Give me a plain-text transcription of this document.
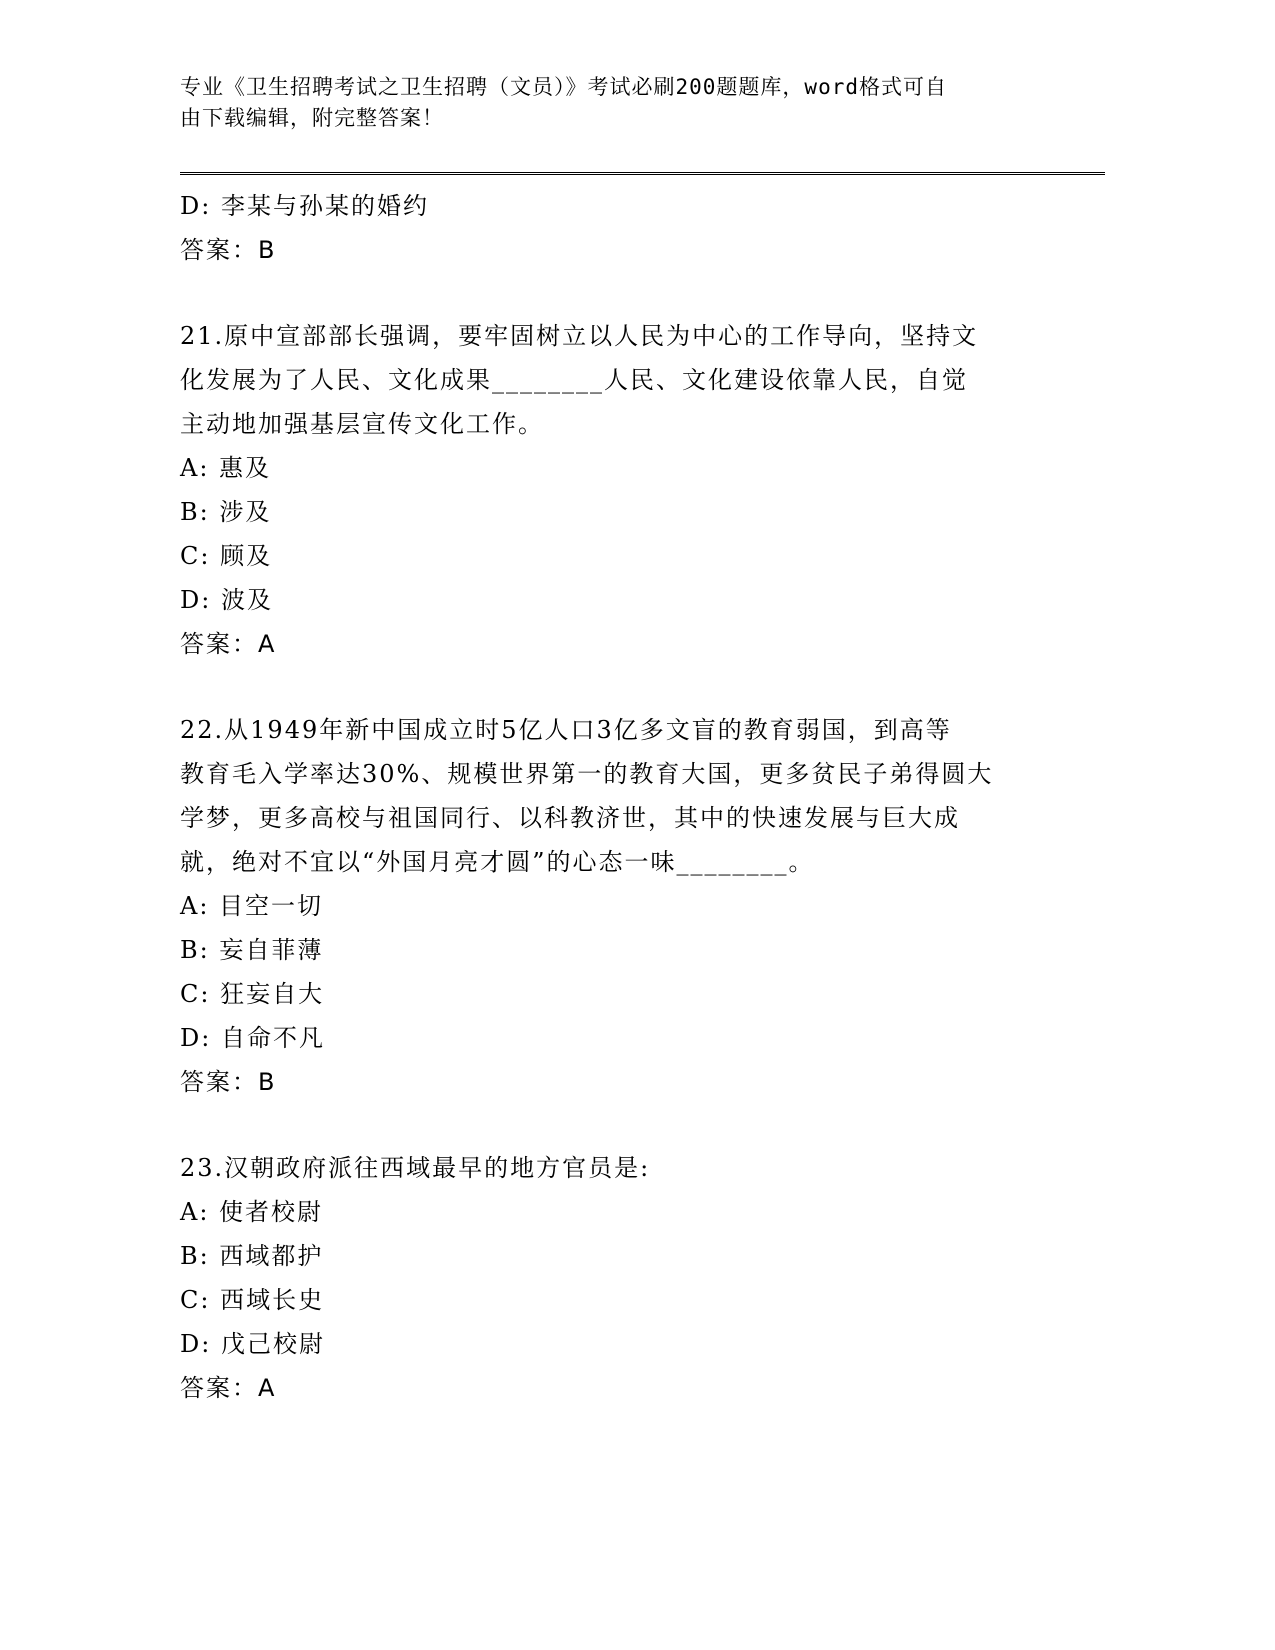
专业《卫生招聘考试之卫生招聘（文员）》考试必刷200题题库，word格式可自
由下载编辑，附完整答案！
D: 李某与孙某的婚约
答案：B
21.原中宣部部长强调，要牢固树立以人民为中心的工作导向，坚持文
化发展为了人民、文化成果________人民、文化建设依靠人民，自觉
主动地加强基层宣传文化工作。
A: 惠及
B: 涉及
C: 顾及
D: 波及
答案：A
22.从1949年新中国成立时5亿人口3亿多文盲的教育弱国，到高等
教育毛入学率达30%、规模世界第一的教育大国，更多贫民子弟得圆大
学梦，更多高校与祖国同行、以科教济世，其中的快速发展与巨大成
就，绝对不宜以“外国月亮才圆”的心态一味________。
A: 目空一切
B: 妄自菲薄
C: 狂妄自大
D: 自命不凡
答案：B
23.汉朝政府派往西域最早的地方官员是:
A: 使者校尉
B: 西域都护
C: 西域长史
D: 戊己校尉
答案：A
